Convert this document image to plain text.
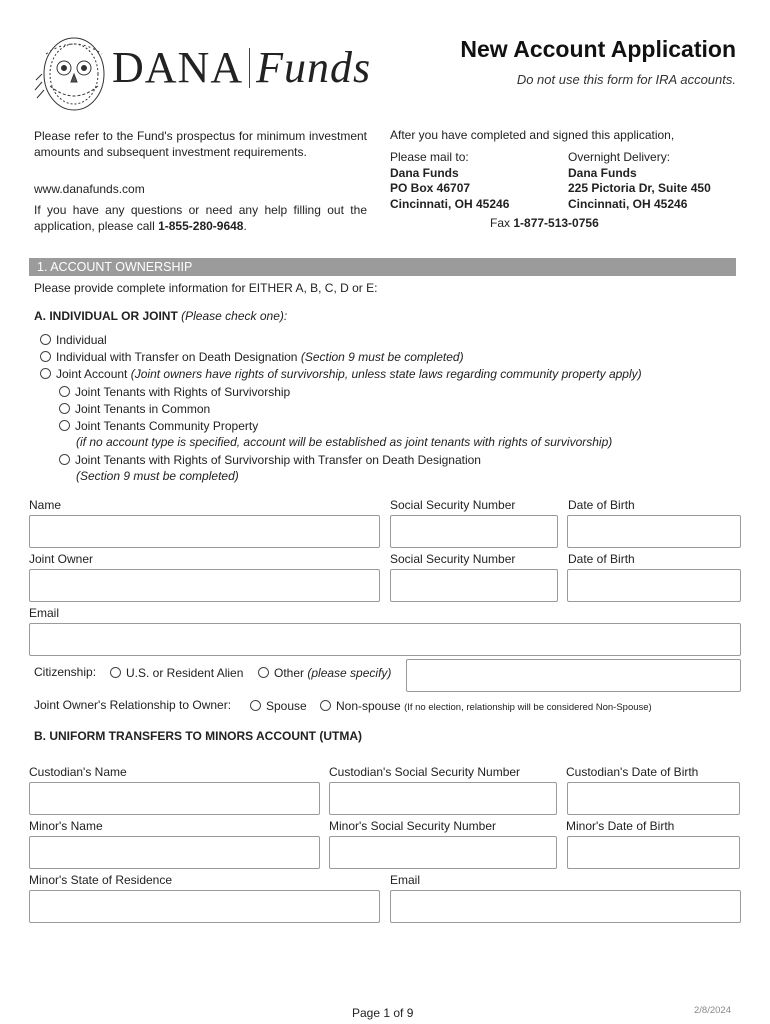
DANA Funds	New Account Application
Do not use this form for IRA accounts.
Please refer to the Fund's prospectus for minimum investment amounts and subsequent investment requirements.
www.danafunds.com
If you have any questions or need any help filling out the application, please call 1-855-280-9648.
After you have completed and signed this application,
Please mail to:
Dana Funds
PO Box 46707
Cincinnati, OH 45246
Overnight Delivery:
Dana Funds
225 Pictoria Dr, Suite 450
Cincinnati, OH 45246
Fax 1-877-513-0756
1. ACCOUNT OWNERSHIP
Please provide complete information for EITHER A, B, C, D or E:
A. INDIVIDUAL OR JOINT (Please check one):
Individual
Individual with Transfer on Death Designation (Section 9 must be completed)
Joint Account (Joint owners have rights of survivorship, unless state laws regarding community property apply)
Joint Tenants with Rights of Survivorship
Joint Tenants in Common
Joint Tenants Community Property
(if no account type is specified, account will be established as joint tenants with rights of survivorship)
Joint Tenants with Rights of Survivorship with Transfer on Death Designation
(Section 9 must be completed)
Name	Social Security Number	Date of Birth
Joint Owner	Social Security Number	Date of Birth
Email
Citizenship:	U.S. or Resident Alien	Other (please specify)
Joint Owner's Relationship to Owner:	Spouse	Non-spouse (If no election, relationship will be considered Non-Spouse)
B. UNIFORM TRANSFERS TO MINORS ACCOUNT (UTMA)
Custodian's Name	Custodian's Social Security Number	Custodian's Date of Birth
Minor's Name	Minor's Social Security Number	Minor's Date of Birth
Minor's State of Residence	Email
Page 1 of 9	2/8/2024
